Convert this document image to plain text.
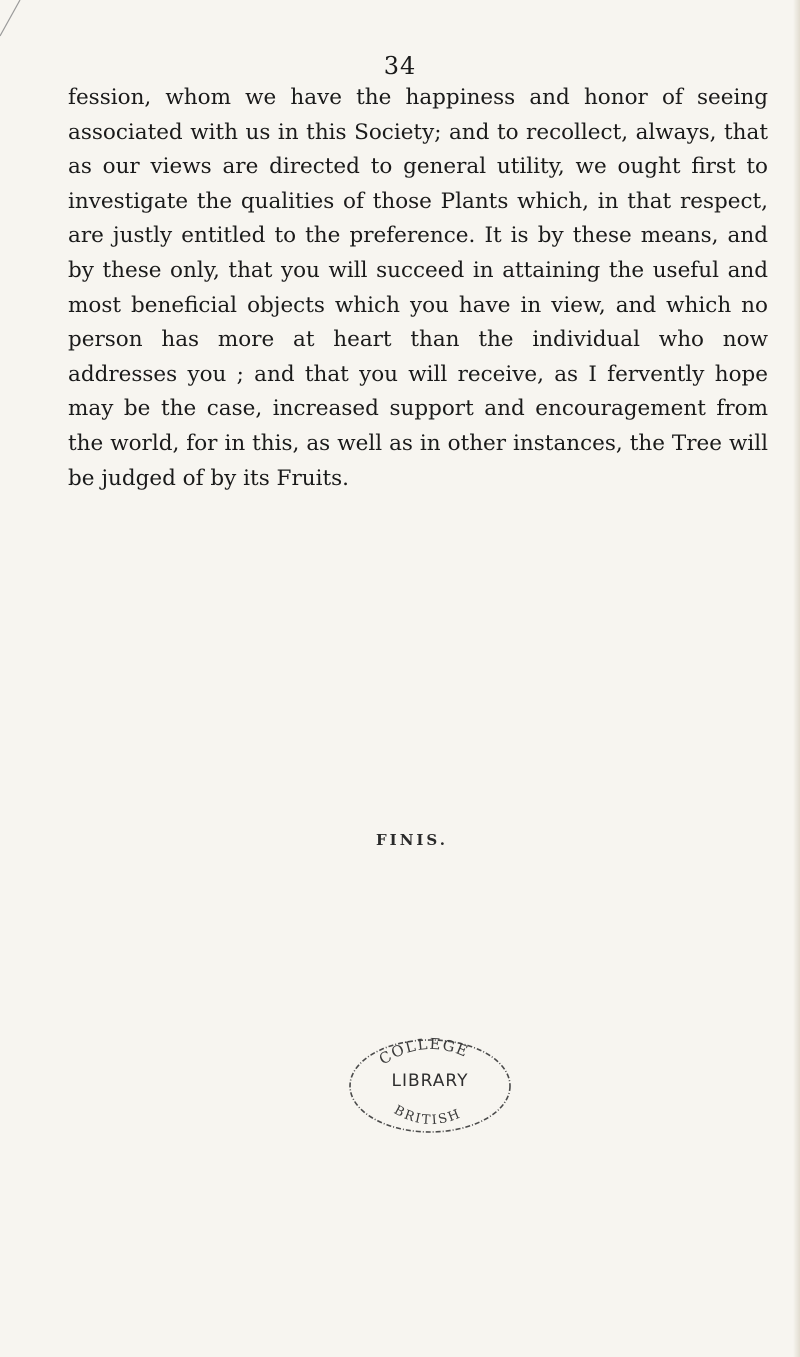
34

fession, whom we have the happiness and honor of seeing associated with us in this Society; and to recollect, always, that as our views are directed to general utility, we ought first to investigate the qualities of those Plants which, in that respect, are justly entitled to the preference. It is by these means, and by these only, that you will succeed in attaining the useful and most beneficial objects which you have in view, and which no person has more at heart than the individual who now addresses you ; and that you will receive, as I fervently hope may be the case, increased support and encouragement from the world, for in this, as well as in other instances, the Tree will be judged of by its Fruits.

FINIS.
COLLEGE
BRITISH
LIBRARY
